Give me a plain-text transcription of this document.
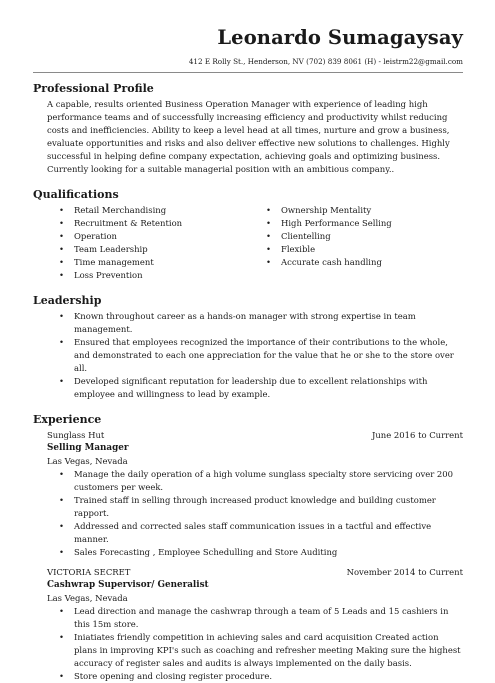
Leonardo Sumagaysay
412 E Rolly St., Henderson, NV (702) 839 8061 (H) - leistrm22@gmail.com
Professional Profile

A capable, results oriented Business Operation Manager with experience of leading high performance teams and of successfully increasing efficiency and productivity whilst reducing costs and inefficiencies. Ability to keep a level head at all times, nurture and grow a business, evaluate opportunities and risks and also deliver effective new solutions to challenges. Highly successful in helping define company expectation, achieving goals and optimizing business. Currently looking for a suitable managerial position with an ambitious company..

Qualifications
• Retail Merchandising
• Recruitment & Retention
• Operation
• Team Leadership
• Time management
• Loss Prevention
• Ownership Mentality
• High Performance Selling
• Clientelling
• Flexible
• Accurate cash handling
Leadership
• Known throughout career as a hands-on manager with strong expertise in team management.
• Ensured that employees recognized the importance of their contributions to the whole, and demonstrated to each one appreciation for the value that he or she to the store over all.
• Developed significant reputation for leadership due to excellent relationships with employee and willingness to lead by example.
Experience
Sunglass Hut	June 2016 to Current
Selling Manager
Las Vegas, Nevada
• Manage the daily operation of a high volume sunglass specialty store servicing over 200 customers per week.
• Trained staff in selling through increased product knowledge and building customer rapport.
• Addressed and corrected sales staff communication issues in a tactful and effective manner.
• Sales Forecasting , Employee Schedulling and Store Auditing
VICTORIA SECRET	November 2014 to Current
Cashwrap Supervisor/ Generalist
Las Vegas, Nevada
• Lead direction and manage the cashwrap through a team of 5 Leads and 15 cashiers in this 15m store.
• Iniatiates friendly competition in achieving sales and card acquisition Created action plans in improving KPI's such as coaching and refresher meeting Making sure the highest accuracy of register sales and audits is always implemented on the daily basis.
• Store opening and closing register procedure.
